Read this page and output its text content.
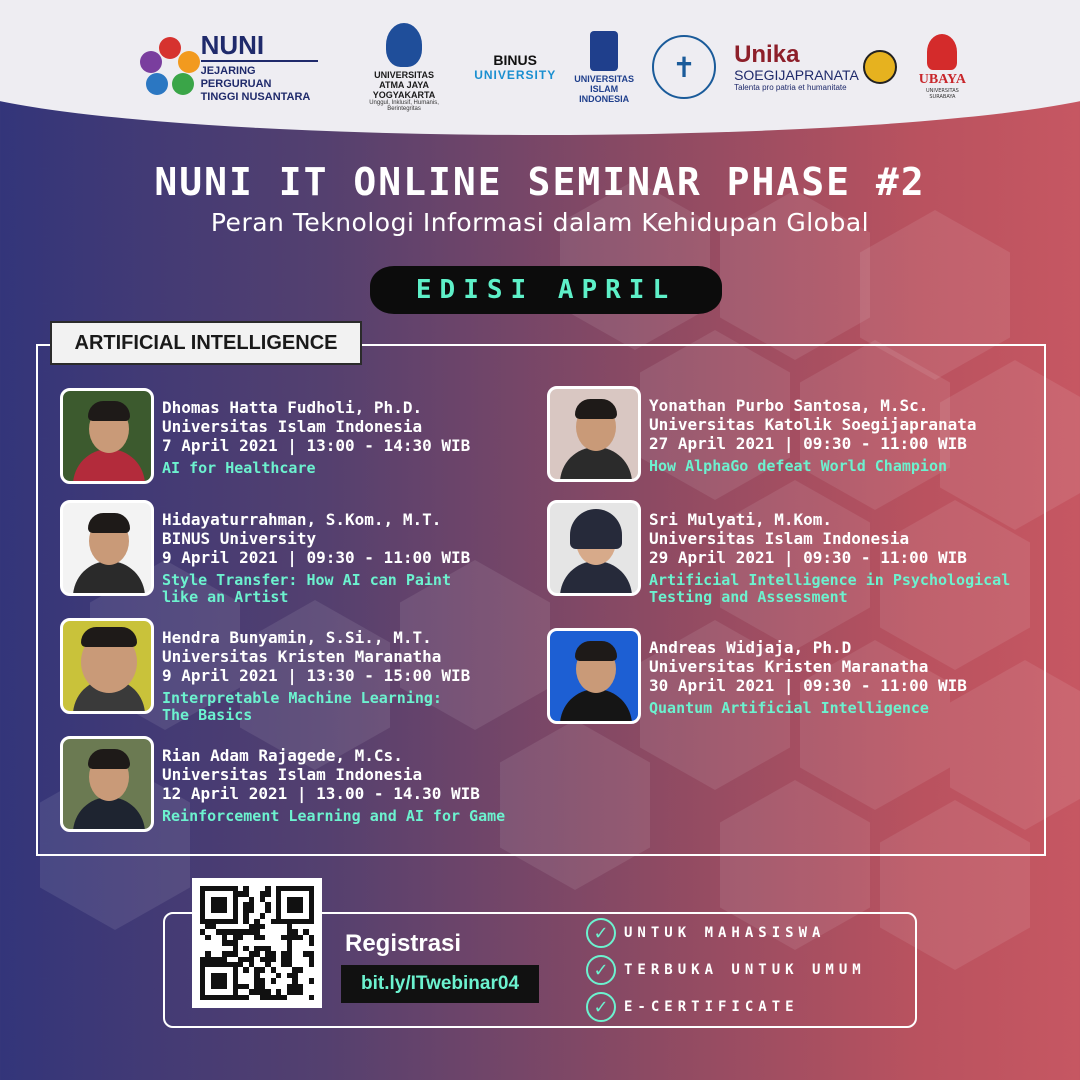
NUNI
JEJARING PERGURUAN
TINGGI NUSANTARA
UNIVERSITAS
ATMA JAYA YOGYAKARTA
Unggul, Inklusif, Humanis, Berintegritas
BINUS
UNIVERSITY UNIVERSITAS
ISLAM
INDONESIA
✝	Unika
SOEGIJAPRANATA
Talenta pro patria et humanitate	UBAYA
UNIVERSITAS SURABAYA
NUNI IT ONLINE SEMINAR PHASE #2
Peran Teknologi Informasi dalam Kehidupan Global
EDISI APRIL
ARTIFICIAL INTELLIGENCE
Dhomas Hatta Fudholi, Ph.D.
Universitas Islam Indonesia
7 April 2021 | 13:00 - 14:30 WIB
AI for Healthcare
Hidayaturrahman, S.Kom., M.T.
BINUS University
9 April 2021 | 09:30 - 11:00 WIB
Style Transfer: How AI can Paint
like an Artist
Hendra Bunyamin, S.Si., M.T.
Universitas Kristen Maranatha
9 April 2021 | 13:30 - 15:00 WIB
Interpretable Machine Learning:
The Basics
Rian Adam Rajagede, M.Cs.
Universitas Islam Indonesia
12 April 2021 | 13.00 - 14.30 WIB
Reinforcement Learning and AI for Game
Yonathan Purbo Santosa, M.Sc.
Universitas Katolik Soegijapranata
27 April 2021 | 09:30 - 11:00 WIB
How AlphaGo defeat World Champion
Sri Mulyati, M.Kom.
Universitas Islam Indonesia
29 April 2021 | 09:30 - 11:00 WIB
Artificial Intelligence in Psychological
Testing and Assessment
Andreas Widjaja, Ph.D
Universitas Kristen Maranatha
30 April 2021 | 09:30 - 11:00 WIB
Quantum Artificial Intelligence
Registrasi
bit.ly/ITwebinar04
✓	UNTUK MAHASISWA
✓	TERBUKA UNTUK UMUM
✓	E-CERTIFICATE
